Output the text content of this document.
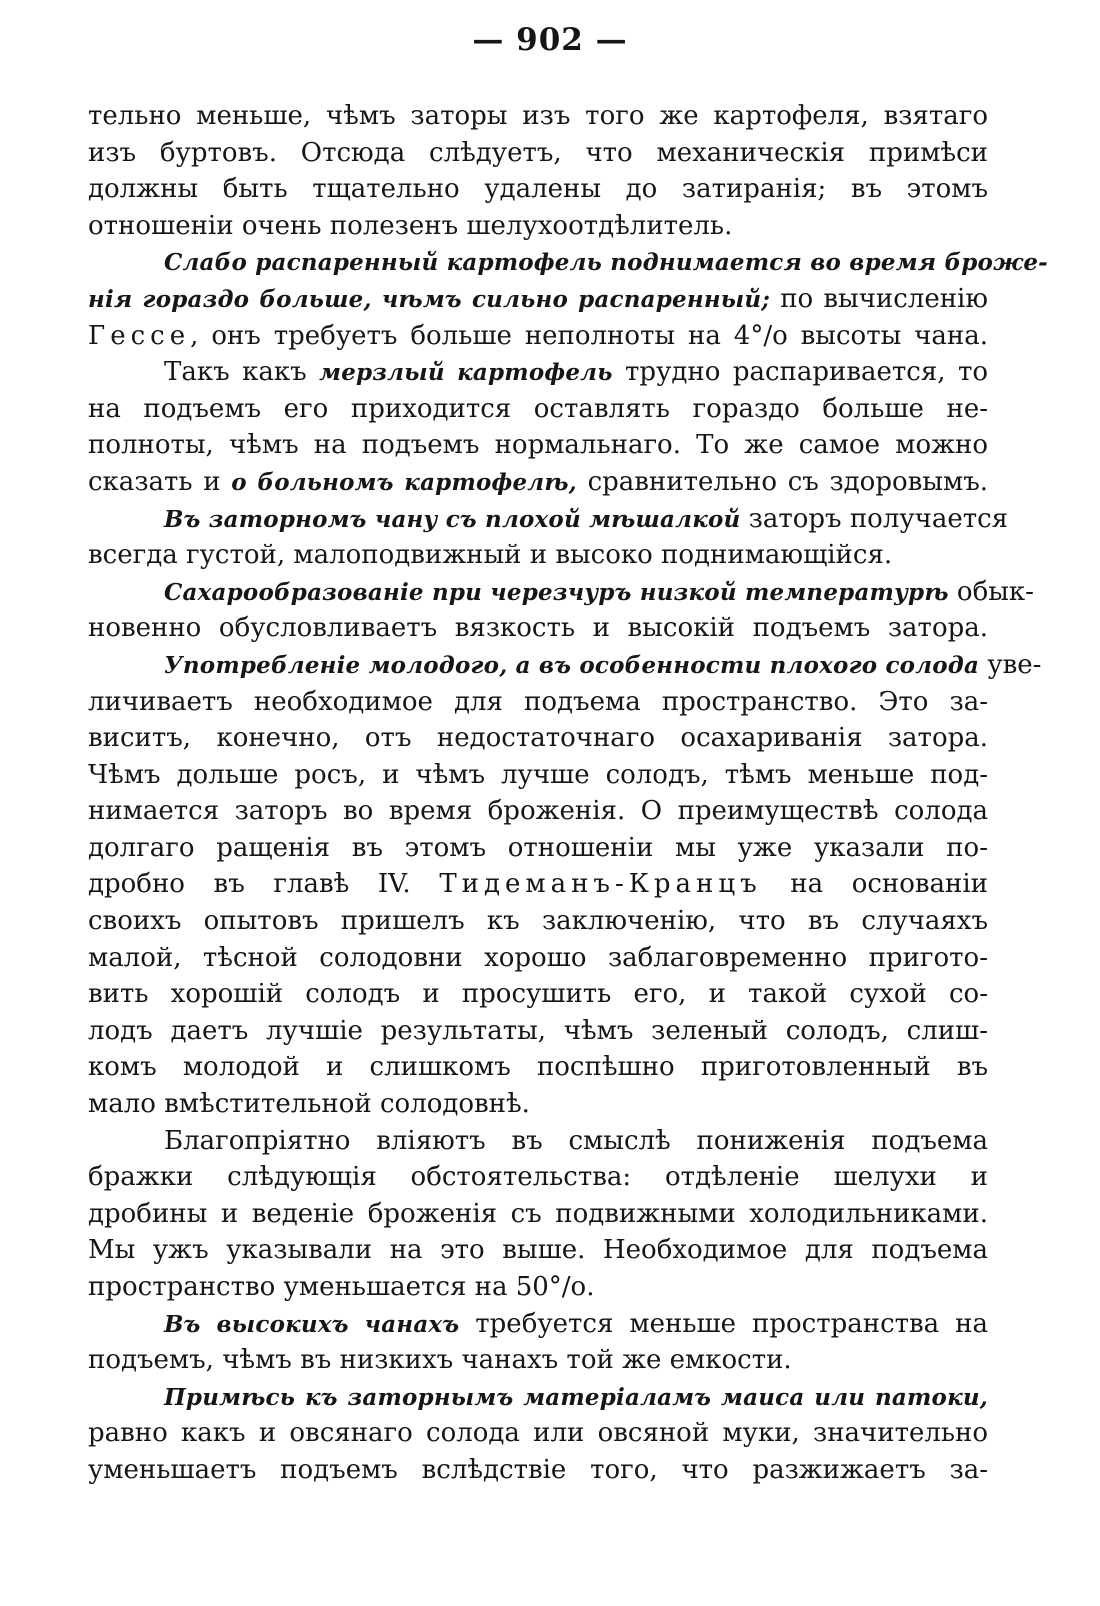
— 902 —
тельно меньше, чѣмъ заторы изъ того же картофеля, взятаго
изъ буртовъ. Отсюда слѣдуетъ, что механическія примѣси
должны быть тщательно удалены до затиранія; въ этомъ
отношеніи очень полезенъ шелухоотдѣлитель.
Слабо распаренный картофель поднимается во время броже-
нія гораздо больше, чѣмъ сильно распаренный; по вычисленію
Гессе, онъ требуетъ больше неполноты на 4°/о высоты чана.
Такъ какъ мерзлый картофель трудно распаривается, то
на подъемъ его приходится оставлять гораздо больше не-
полноты, чѣмъ на подъемъ нормальнаго. То же самое можно
сказать и о больномъ картофелѣ, сравнительно съ здоровымъ.
Въ заторномъ чану съ плохой мѣшалкой заторъ получается
всегда густой, малоподвижный и высоко поднимающійся.
Сахарообразованіе при черезчуръ низкой температурѣ обык-
новенно обусловливаетъ вязкость и высокій подъемъ затора.
Употребленіе молодого, а въ особенности плохого солода уве-
личиваетъ необходимое для подъема пространство. Это за-
виситъ, конечно, отъ недостаточнаго осахариванія затора.
Чѣмъ дольше росъ, и чѣмъ лучше солодъ, тѣмъ меньше под-
нимается заторъ во время броженія. О преимуществѣ солода
долгаго ращенія въ этомъ отношеніи мы уже указали по-
дробно въ главѣ IV. Тидеманъ-Кранцъ на основаніи
своихъ опытовъ пришелъ къ заключенію, что въ случаяхъ
малой, тѣсной солодовни хорошо заблаговременно пригото-
вить хорошій солодъ и просушить его, и такой сухой со-
лодъ даетъ лучшіе результаты, чѣмъ зеленый солодъ, слиш-
комъ молодой и слишкомъ поспѣшно приготовленный въ
мало вмѣстительной солодовнѣ.
Благопріятно вліяютъ въ смыслѣ пониженія подъема
бражки слѣдующія обстоятельства: отдѣленіе шелухи и
дробины и веденіе броженія съ подвижными холодильниками.
Мы ужъ указывали на это выше. Необходимое для подъема
пространство уменьшается на 50°/о.
Въ высокихъ чанахъ требуется меньше пространства на
подъемъ, чѣмъ въ низкихъ чанахъ той же емкости.
Примѣсь къ заторнымъ матеріаламъ маиса или патоки,
равно какъ и овсянаго солода или овсяной муки, значительно
уменьшаетъ подъемъ вслѣдствіе того, что разжижаетъ за-
